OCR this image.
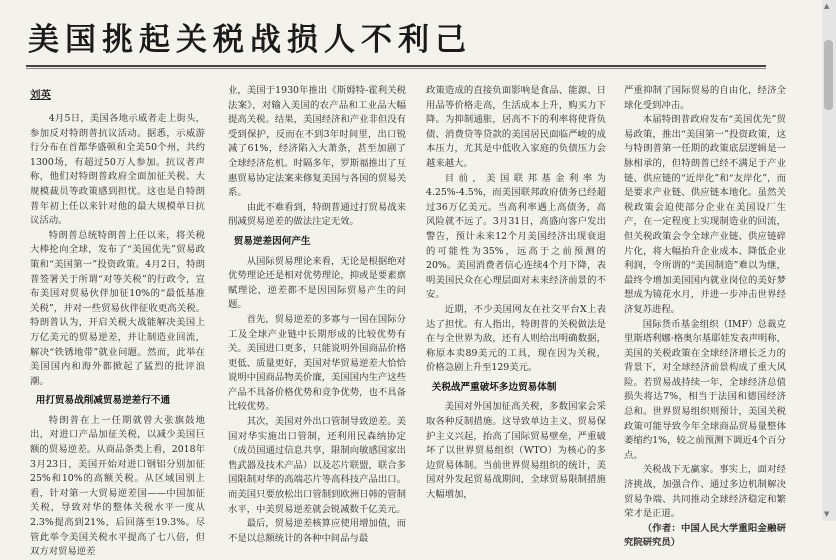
美国挑起关税战损人不利己
刘英

4月5日，美国各地示威者走上街头，参加反对特朗普抗议活动。据悉，示威游行分布在首都华盛顿和全美50个州，共约1300场，有超过50万人参加。抗议者声称，他们对特朗普政府全面加征关税、大规模裁员等政策感到担忧。这也是自特朗普年初上任以来针对他的最大规模单日抗议活动。

特朗普总统特朗普上任以来，将关税大棒抡向全球，发布了“美国优先”贸易政策和“美国第一”投资政策。4月2日，特朗普签署关于所谓“对等关税”的行政令，宣布美国对贸易伙伴加征10%的“最低基准关税”，并对一些贸易伙伴征收更高关税。特朗普认为，开启关税大战能解决美国上万亿美元的贸易逆差，并让制造业回流，解决“铁锈地带”就业问题。然而，此举在美国国内和海外都掀起了猛烈的批评浪潮。

用打贸易战削减贸易逆差行不通

特朗普在上一任期就曾大张旗鼓地出，对进口产品加征关税，以减少美国巨额的贸易逆差。从商品条类上看，2018年3月23日，美国开始对进口钢铝分别加征25%和10%的高额关税。从区域国别上看，针对第一大贸易逆差国——中国加征关税，导致对华的整体关税水平一度从2.3%提高到21%，后回落至19.3%。尽管此举令美国关税水平提高了七八倍，但双方对贸易逆差

业，美国于1930年推出《斯姆特-霍利关税法案》，对输入美国的农产品和工业品大幅提高关税。结果，美国经济和产业非但没有受到保护，反而在不到3年时间里，出口锐减了61%，经济陷入大萧条，甚至加剧了全球经济危机。时隔多年，罗斯福推出了互惠贸易协定法案来修复美国与各国的贸易关系。

由此不难看到，特朗普通过打贸易战来削减贸易逆差的做法注定无效。

贸易逆差因何产生

从国际贸易理论来看，无论是根据绝对优势理论还是相对优势理论，抑或是要素禀赋理论，逆差都不是因国际贸易产生的问题。

首先，贸易逆差的多寡与一国在国际分工及全球产业链中长期形成的比较优势有关。美国进口更多，只能说明外国商品价格更低、质量更好，美国对华贸易逆差大恰恰说明中国商品物美价廉，美国国内生产这些产品不具备价格优势和竞争优势，也不具备比较优势。

其次，美国对外出口管制导致逆差。美国对华实施出口管制，还利用民森纳协定（成员国通过信息共享，限制向敏感国家出售武器及技术产品）以及芯片联盟，联合多国限制对华的高端芯片等高科技产品出口。而美国只要放松出口管制到欧洲日韩的管制水平，中美贸易逆差就会锐减数千亿美元。

最后，贸易逆差核算应使用增加值，而不是以总额统计的各种中间品与最

政策造成的直接负面影响是食品、能源、日用品等价格走高，生活成本上升，购买力下降。为抑制通胀，居高不下的利率将使背负债、消费贷等贷款的美国居民面临严峻的成本压力，尤其是中低收入家庭的负债压力会越来越大。

目前，美国联邦基金利率为4.25%-4.5%，而美国联邦政府债务已经超过36万亿美元。当高利率遇上高债务，高风险就不远了。3月31日，高盛向客户发出警告，预计未来12个月美国经济出现衰退的可能性为35%，远高于之前预测的20%。美国消费者信心连续4个月下降，表明美国民众在心理层面对未来经济前景的不安。

近期，不少美国网友在社交平台X上表达了担忧。有人指出，特朗普的关税做法是在与全世界为敌，还有人则给出明确数据，称原本卖89美元的工具，现在因为关税，价格急剧上升至129美元。

关税战严重破坏多边贸易体制

美国对外国加征高关税，多数国家会采取各种反制措施。这导致单边主义、贸易保护主义兴起，抬高了国际贸易壁垒，严重破坏了以世界贸易组织（WTO）为核心的多边贸易体制。当前世界贸易组织的统计，美国对外发起贸易战期间，全球贸易限制措施大幅增加，

严重抑制了国际贸易的自由化，经济全球化受到冲击。

本届特朗普政府发布“美国优先”贸易政策，推出“美国第一”投资政策，这与特朗普第一任期的政策底层逻辑是一脉相承的，但特朗普已经不满足于产业链、供应链的“近岸化”和“友岸化”，而是要求产业链、供应链本地化。虽然关税政策会迫使部分企业在美国设厂生产，在一定程度上实现制造业的回流，但关税政策会令全球产业链、供应链碎片化，将大幅抬升企业成本、降低企业利润，令所谓的“美国制造”难以为继，最终令增加美国国内就业岗位的美好梦想成为镜花水月，并进一步冲击世界经济复苏进程。

国际货币基金组织（IMF）总裁克里斯塔利娜·格奥尔基耶娃发表声明称，美国的关税政策在全球经济增长乏力的背景下，对全球经济前景构成了重大风险。若贸易战持续一年，全球经济总值损失将达7%，相当于法国和德国经济总和。世界贸易组织则预计，美国关税政策可能导致今年全球商品贸易量整体萎缩约1%，较之前预测下调近4个百分点。

关税战下无赢家。事实上，面对经济挑战，加强合作、通过多边机制解决贸易争端、共同推动全球经济稳定和繁荣才是正道。

（作者：中国人民大学重阳金融研究院研究员）

▲
▼
